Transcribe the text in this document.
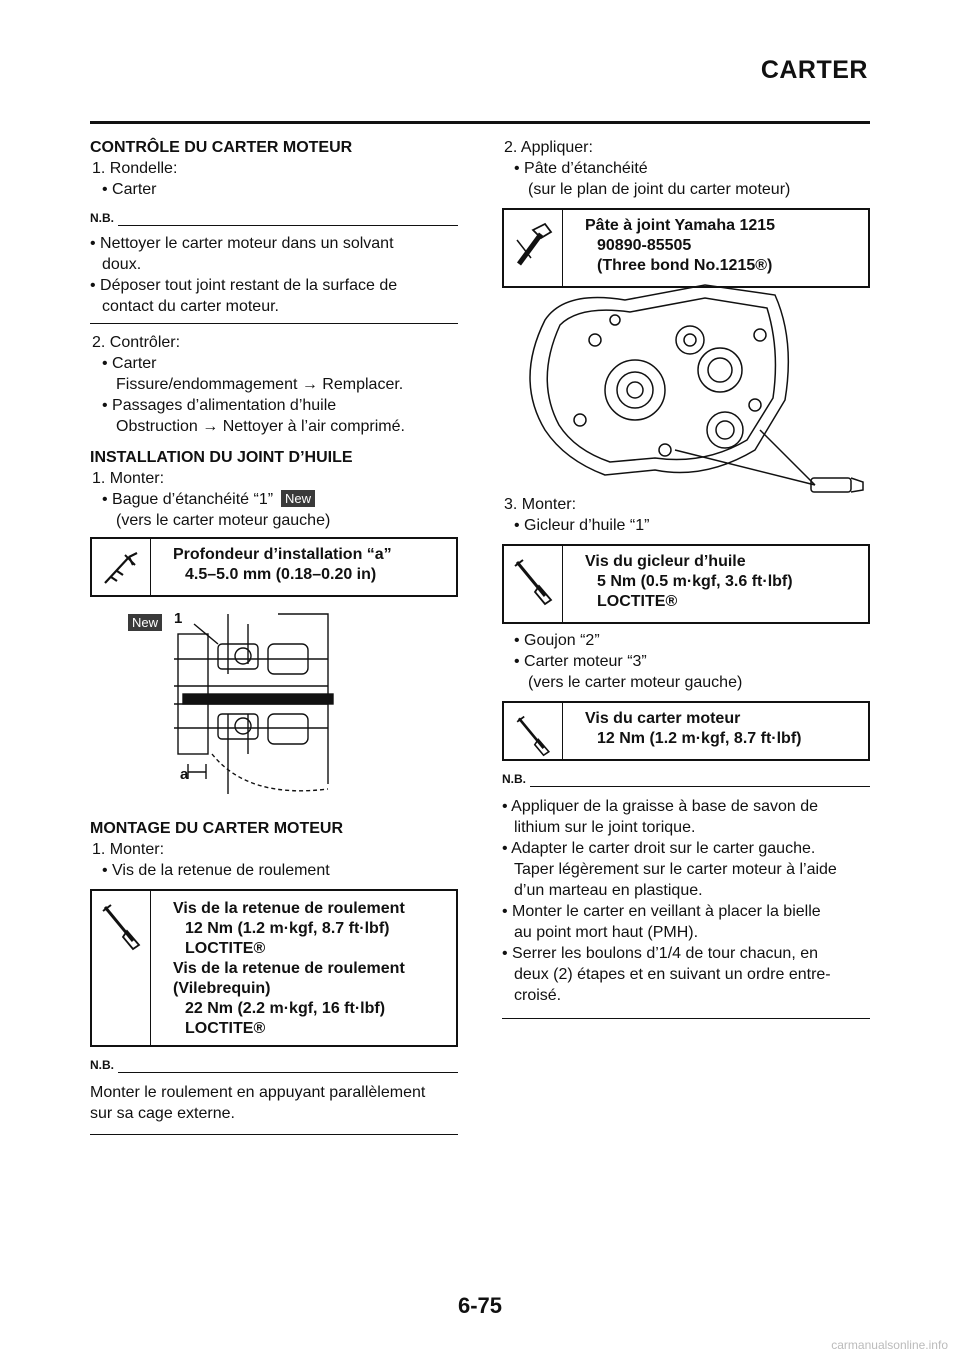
CARTER

CONTRÔLE DU CARTER MOTEUR

1. Rondelle:

• Carter

N.B.

• Nettoyer le carter moteur dans un solvant

doux.

• Déposer tout joint restant de la surface de

contact du carter moteur.

2. Contrôler:

• Carter

Fissure/endommagement → Remplacer.

• Passages d’alimentation d’huile

Obstruction → Nettoyer à l’air comprimé.

INSTALLATION DU JOINT D’HUILE

1. Monter:

• Bague d’étanchéité “1” New

(vers le carter moteur gauche)

Profondeur d’installation “a”
4.5–5.0 mm (0.18–0.20 in)
New 1
a

MONTAGE DU CARTER MOTEUR

1. Monter:

• Vis de la retenue de roulement

Vis de la retenue de roulement
12 Nm (1.2 m·kgf, 8.7 ft·lbf)
LOCTITE®
Vis de la retenue de roulement
(Vilebrequin)
22 Nm (2.2 m·kgf, 16 ft·lbf)
LOCTITE®
N.B.

Monter le roulement en appuyant parallèlement

sur sa cage externe.

2. Appliquer:

• Pâte d’étanchéité

(sur le plan de joint du carter moteur)

Pâte à joint Yamaha 1215
90890-85505
(Three bond No.1215®)

3. Monter:

• Gicleur d’huile “1”

Vis du gicleur d’huile
5 Nm (0.5 m·kgf, 3.6 ft·lbf)
LOCTITE®

• Goujon “2”

• Carter moteur “3”

(vers le carter moteur gauche)

Vis du carter moteur
12 Nm (1.2 m·kgf, 8.7 ft·lbf)
N.B.

• Appliquer de la graisse à base de savon de

lithium sur le joint torique.

• Adapter le carter droit sur le carter gauche.

Taper légèrement sur le carter moteur à l’aide

d’un marteau en plastique.

• Monter le carter en veillant à placer la bielle

au point mort haut (PMH).

• Serrer les boulons d’1/4 de tour chacun, en

deux (2) étapes et en suivant un ordre entre-

croisé.

6-75
carmanualsonline.info
